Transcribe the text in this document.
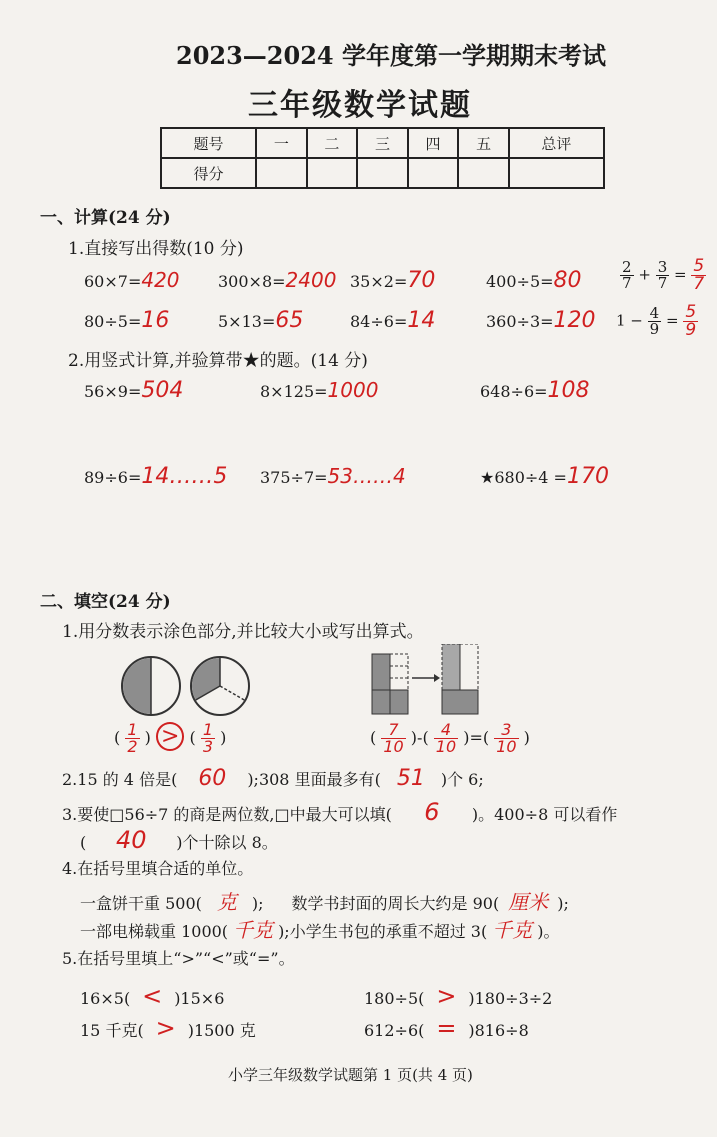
2023—2024 学年度第一学期期末考试
三年级数学试题
题号	一	二	三	四	五	总评
得分						
一、计算(24 分)
1.直接写出得数(10 分)
60×7=420 300×8=2400 35×2=70	400÷5=80
80÷5=16	5×13=65	84÷6=14	360÷3=120
$\frac{2}{7} + \frac{3}{7} = \frac{5}{7}$
$1 - \frac{4}{9} = \frac{5}{9}$
2.用竖式计算,并验算带★的题。(14 分)
56×9=504	8×125=1000	648÷6=108
89÷6=14……5 375÷7=53……4	★680÷4 =170
二、填空(24 分)
1.用分数表示涂色部分,并比较大小或写出算式。
( $\frac{1}{2}$ ) > ( $\frac{1}{3}$ )	( $\frac{7}{10}$ )-( $\frac{4}{10}$ )=( $\frac{3}{10}$ )
2.15 的 4 倍是( 60 );308 里面最多有( 51 )个 6;
3.要使□56÷7 的商是两位数,□中最大可以填( 6 )。400÷8 可以看作
( 40 )个十除以 8。
4.在括号里填合适的单位。
一盒饼干重 500( 克 ); 数学书封面的周长大约是 90( 厘米 );
一部电梯载重 1000( 千克 );小学生书包的承重不超过 3( 千克 )。
5.在括号里填上“>”“<”或“=”。
16×5( < )15×6	180÷5( > )180÷3÷2
15 千克( > )1500 克	612÷6( = )816÷8
小学三年级数学试题第 1 页(共 4 页)
